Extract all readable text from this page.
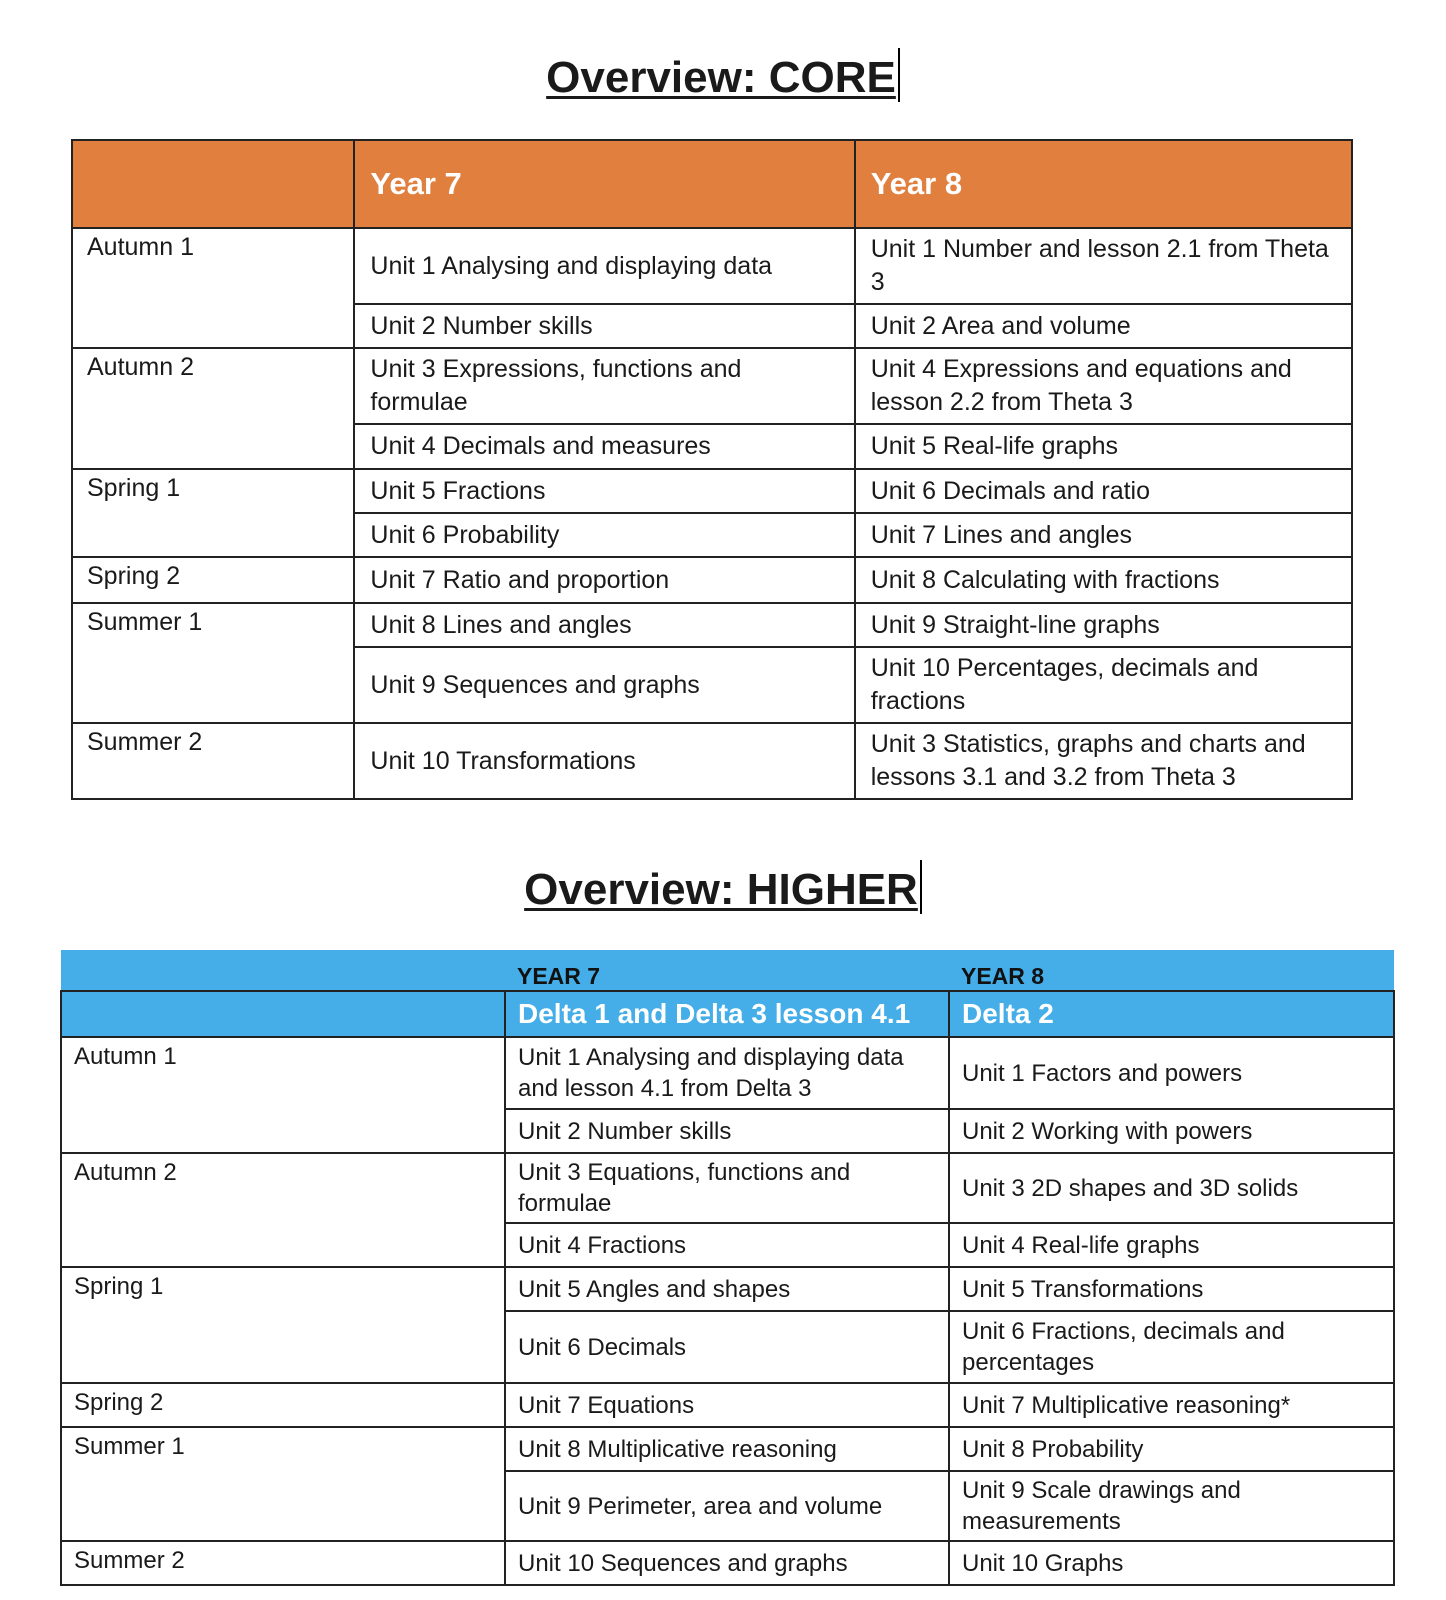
Overview: CORE
	Year 7	Year 8
Autumn 1	Unit 1 Analysing and displaying data	Unit 1 Number and lesson 2.1 from Theta 3
	Unit 2 Number skills	Unit 2 Area and volume
Autumn 2	Unit 3 Expressions, functions and formulae	Unit 4 Expressions and equations and lesson 2.2 from Theta 3
	Unit 4 Decimals and measures	Unit 5 Real-life graphs
Spring 1	Unit 5 Fractions	Unit 6 Decimals and ratio
	Unit 6 Probability	Unit 7 Lines and angles
Spring 2	Unit 7 Ratio and proportion	Unit 8 Calculating with fractions
Summer 1	Unit 8 Lines and angles	Unit 9 Straight-line graphs
	Unit 9 Sequences and graphs	Unit 10 Percentages, decimals and fractions
Summer 2	Unit 10 Transformations	Unit 3 Statistics, graphs and charts and lessons 3.1 and 3.2 from Theta 3
Overview: HIGHER
	YEAR 7	YEAR 8
	Delta 1 and Delta 3 lesson 4.1	Delta 2
Autumn 1	Unit 1 Analysing and displaying data and lesson 4.1 from Delta 3	Unit 1 Factors and powers
	Unit 2 Number skills	Unit 2 Working with powers
Autumn 2	Unit 3 Equations, functions and formulae	Unit 3 2D shapes and 3D solids
	Unit 4 Fractions	Unit 4 Real-life graphs
Spring 1	Unit 5 Angles and shapes	Unit 5 Transformations
	Unit 6 Decimals	Unit 6 Fractions, decimals and percentages
Spring 2	Unit 7 Equations	Unit 7 Multiplicative reasoning*
Summer 1	Unit 8 Multiplicative reasoning	Unit 8 Probability
	Unit 9 Perimeter, area and volume	Unit 9 Scale drawings and measurements
Summer 2	Unit 10 Sequences and graphs	Unit 10 Graphs
